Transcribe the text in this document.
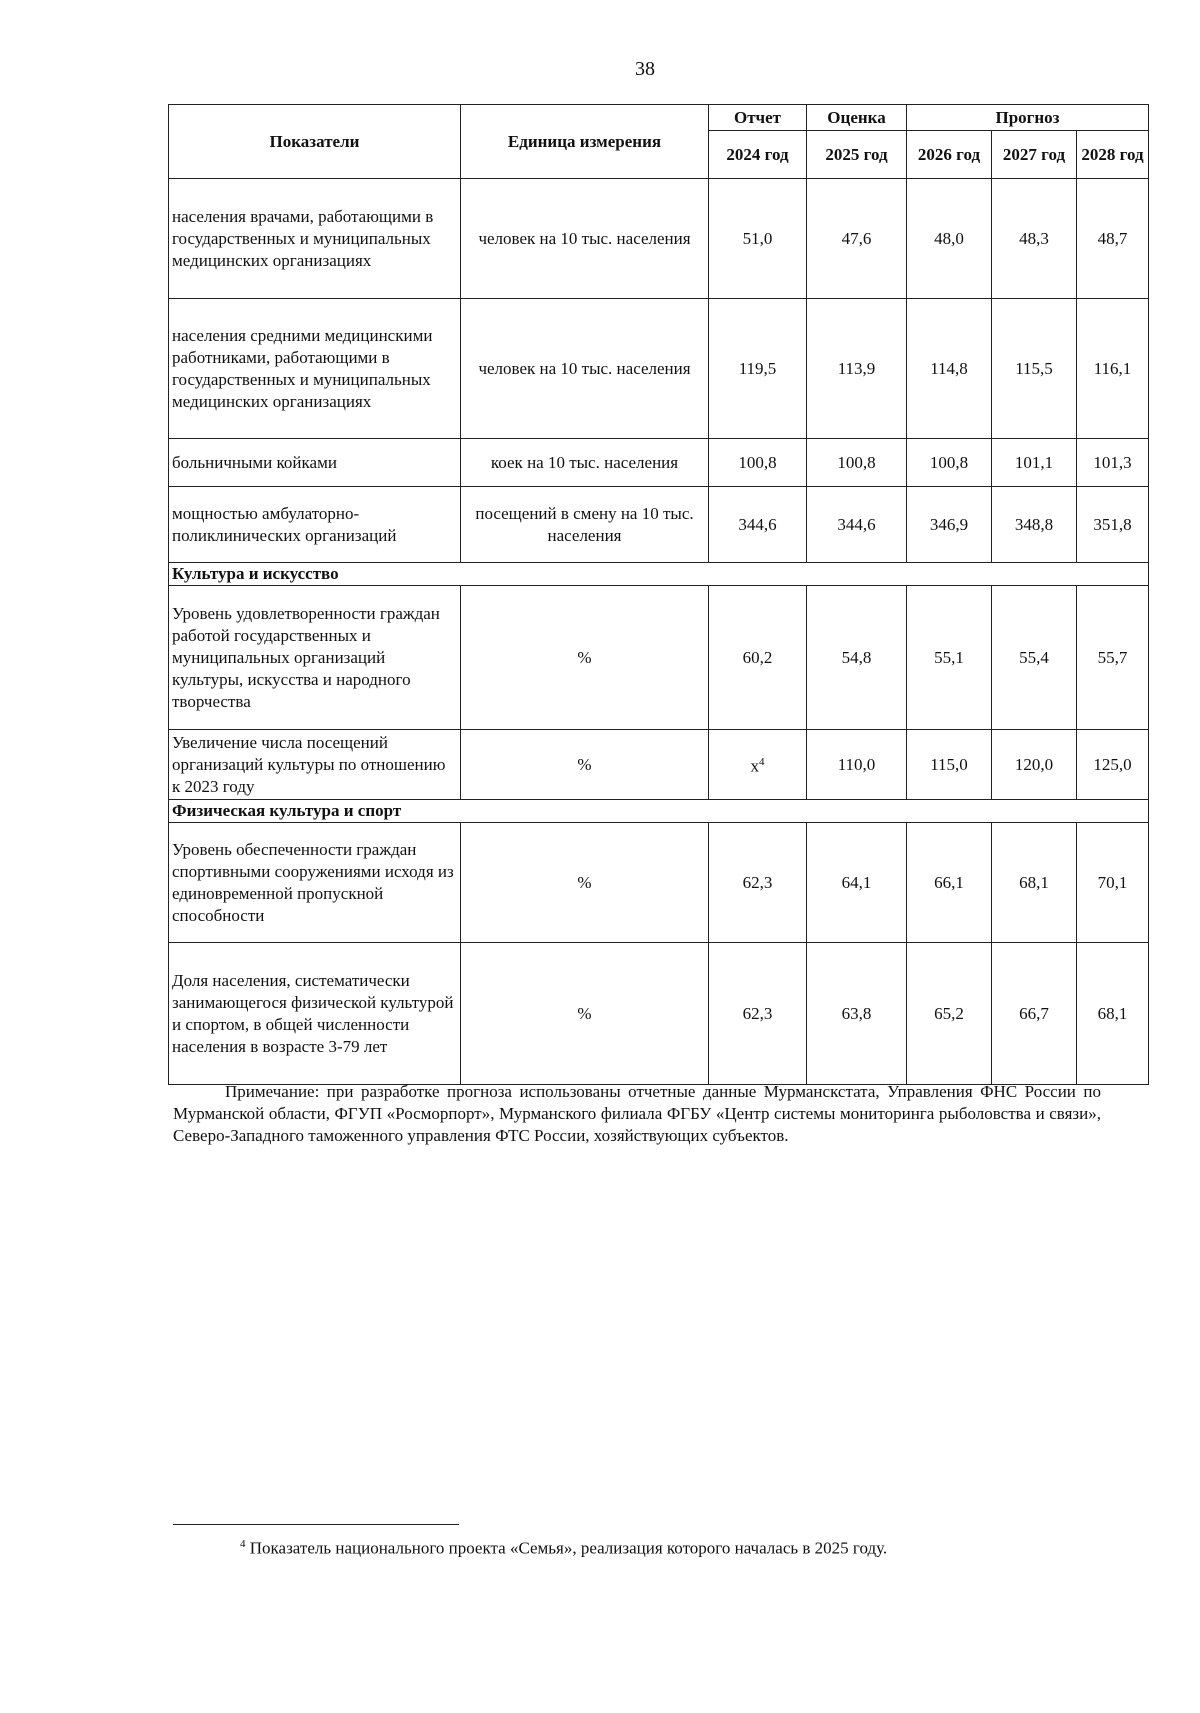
38
Показатели	Единица измерения	Отчет	Оценка	Прогноз		
		2024 год	2025 год	2026 год	2027 год	2028 год
населения врачами, работающими в государственных и муниципальных медицинских организациях	человек на 10 тыс. населения	51,0	47,6	48,0	48,3	48,7
населения средними медицинскими работниками, работающими в государственных и муниципальных медицинских организациях	человек на 10 тыс. населения	119,5	113,9	114,8	115,5	116,1
больничными койками	коек на 10 тыс. населения	100,8	100,8	100,8	101,1	101,3
мощностью амбулаторно-поликлинических организаций	посещений в смену на 10 тыс. населения	344,6	344,6	346,9	348,8	351,8
Культура и искусство						
Уровень удовлетворенности граждан работой государственных и муниципальных организаций культуры, искусства и народного творчества	%	60,2	54,8	55,1	55,4	55,7
Увеличение числа посещений организаций культуры по отношению к 2023 году	%	$x^4$	110,0	115,0	120,0	125,0
Физическая культура и спорт						
Уровень обеспеченности граждан спортивными сооружениями исходя из единовременной пропускной способности	%	62,3	64,1	66,1	68,1	70,1
Доля населения, систематически занимающегося физической культурой и спортом, в общей численности населения в возрасте 3-79 лет	%	62,3	63,8	65,2	66,7	68,1
Примечание: при разработке прогноза использованы отчетные данные Мурманскстата, Управления ФНС России по Мурманской области, ФГУП «Росморпорт», Мурманского филиала ФГБУ «Центр системы мониторинга рыболовства и связи», Северо-Западного таможенного управления ФТС России, хозяйствующих субъектов.
$^4$ Показатель национального проекта «Семья», реализация которого началась в 2025 году.
